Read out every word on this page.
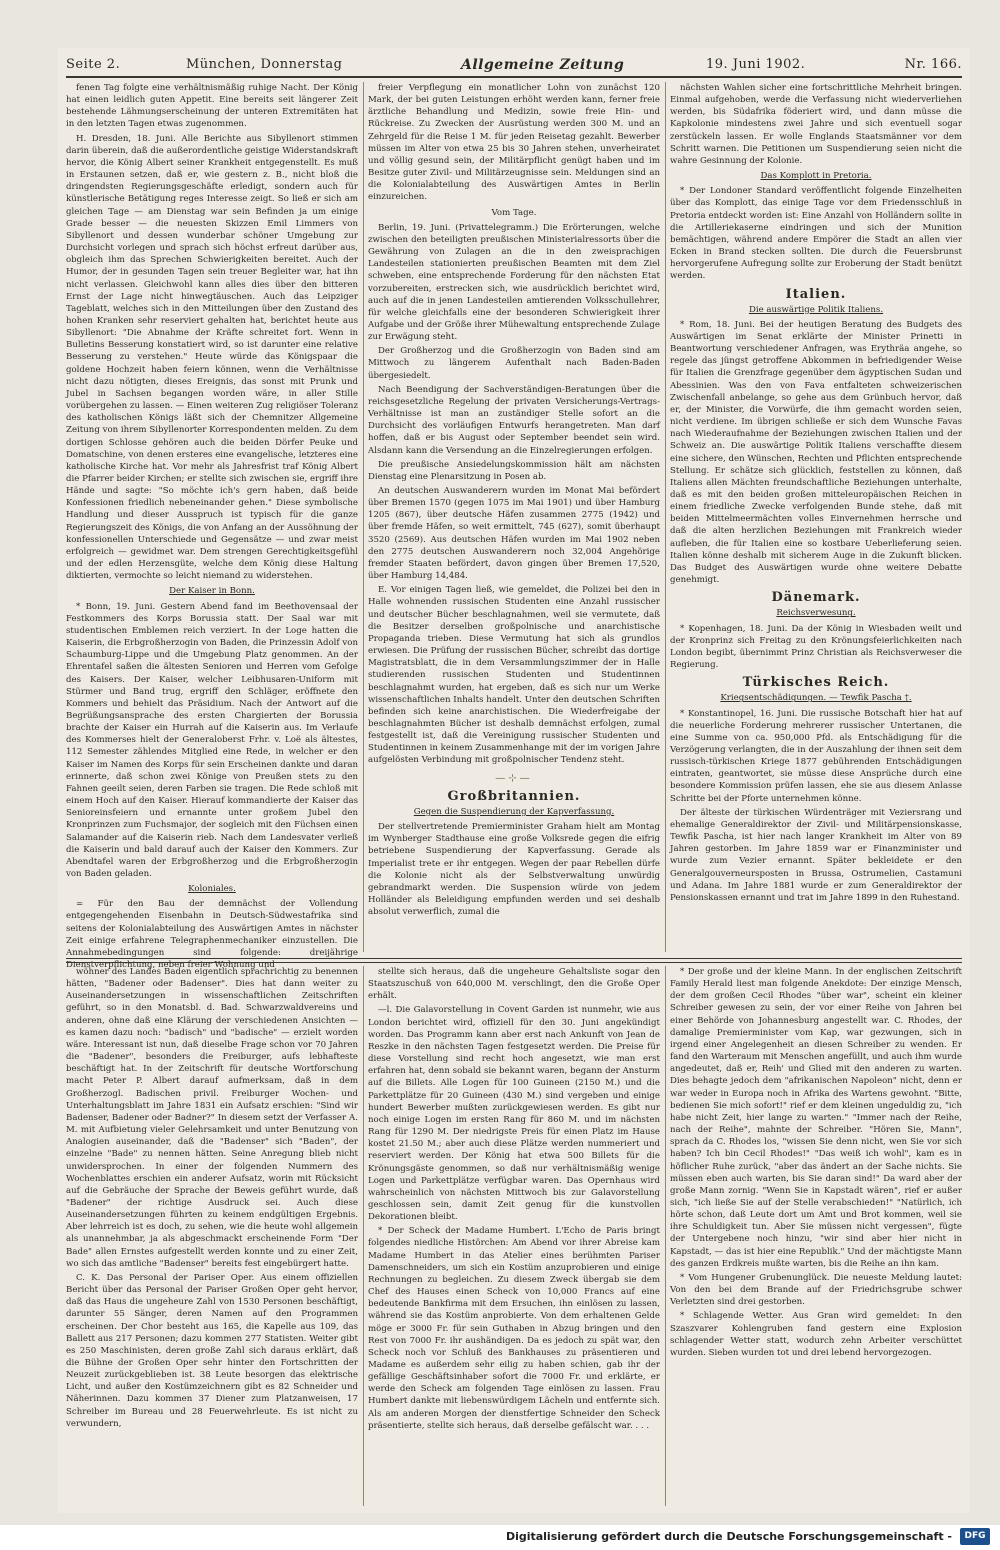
Seite 2.	München, Donnerstag	Allgemeine Zeitung	19. Juni 1902.	Nr. 166.

fenen Tag folgte eine verhältnismäßig ruhige Nacht. Der König hat einen leidlich guten Appetit. Eine bereits seit längerer Zeit bestehende Lähmungserscheinung der unteren Extremitäten hat in den letzten Tagen etwas zugenommen.

H. Dresden, 18. Juni. Alle Berichte aus Sibyllenort stimmen darin überein, daß die außerordentliche geistige Widerstandskraft hervor, die König Albert seiner Krankheit entgegenstellt. Es muß in Erstaunen setzen, daß er, wie gestern z. B., nicht bloß die dringendsten Regierungsgeschäfte erledigt, sondern auch für künstlerische Betätigung reges Interesse zeigt. So ließ er sich am gleichen Tage — am Dienstag war sein Befinden ja um einige Grade besser — die neuesten Skizzen Emil Limmers von Sibyllenort und dessen wunderbar schöner Umgebung zur Durchsicht vorlegen und sprach sich höchst erfreut darüber aus, obgleich ihm das Sprechen Schwierigkeiten bereitet. Auch der Humor, der in gesunden Tagen sein treuer Begleiter war, hat ihn nicht verlassen. Gleichwohl kann alles dies über den bitteren Ernst der Lage nicht hinwegtäuschen. Auch das Leipziger Tageblatt, welches sich in den Mitteilungen über den Zustand des hohen Kranken sehr reserviert gehalten hat, berichtet heute aus Sibyllenort: "Die Abnahme der Kräfte schreitet fort. Wenn in Bulletins Besserung konstatiert wird, so ist darunter eine relative Besserung zu verstehen." Heute würde das Königspaar die goldene Hochzeit haben feiern können, wenn die Verhältnisse nicht dazu nötigten, dieses Ereignis, das sonst mit Prunk und Jubel in Sachsen begangen worden wäre, in aller Stille vorübergehen zu lassen. — Einen weiteren Zug religiöser Toleranz des katholischen Königs läßt sich der Chemnitzer Allgemeine Zeitung von ihrem Sibyllenorter Korrespondenten melden. Zu dem dortigen Schlosse gehören auch die beiden Dörfer Peuke und Domatschine, von denen ersteres eine evangelische, letzteres eine katholische Kirche hat. Vor mehr als Jahresfrist traf König Albert die Pfarrer beider Kirchen; er stellte sich zwischen sie, ergriff ihre Hände und sagte: "So möchte ich's gern haben, daß beide Konfessionen friedlich nebeneinander gehen." Diese symbolische Handlung und dieser Ausspruch ist typisch für die ganze Regierungszeit des Königs, die von Anfang an der Aussöhnung der konfessionellen Unterschiede und Gegensätze — und zwar meist erfolgreich — gewidmet war. Dem strengen Gerechtigkeitsgefühl und der edlen Herzensgüte, welche dem König diese Haltung diktierten, vermochte so leicht niemand zu widerstehen.

Der Kaiser in Bonn.

* Bonn, 19. Juni. Gestern Abend fand im Beethovensaal der Festkommers des Korps Borussia statt. Der Saal war mit studentischen Emblemen reich verziert. In der Loge hatten die Kaiserin, die Erbgroßherzogin von Baden, die Prinzessin Adolf von Schaumburg-Lippe und die Umgebung Platz genommen. An der Ehrentafel saßen die ältesten Senioren und Herren vom Gefolge des Kaisers. Der Kaiser, welcher Leibhusaren-Uniform mit Stürmer und Band trug, ergriff den Schläger, eröffnete den Kommers und behielt das Präsidium. Nach der Antwort auf die Begrüßungsansprache des ersten Chargierten der Borussia brachte der Kaiser ein Hurrah auf die Kaiserin aus. Im Verlaufe des Kommerses hielt der Generaloberst Frhr. v. Loë als ältestes, 112 Semester zählendes Mitglied eine Rede, in welcher er den Kaiser im Namen des Korps für sein Erscheinen dankte und daran erinnerte, daß schon zwei Könige von Preußen stets zu den Fahnen geeilt seien, deren Farben sie tragen. Die Rede schloß mit einem Hoch auf den Kaiser. Hierauf kommandierte der Kaiser das Senioreinsfeiern und ernannte unter großem Jubel den Kronprinzen zum Fuchsmajor, der sogleich mit den Füchsen einen Salamander auf die Kaiserin rieb. Nach dem Landesvater verließ die Kaiserin und bald darauf auch der Kaiser den Kommers. Zur Abendtafel waren der Erbgroßherzog und die Erbgroßherzogin von Baden geladen.

Koloniales.

= Für den Bau der demnächst der Vollendung entgegengehenden Eisenbahn in Deutsch-Südwestafrika sind seitens der Kolonialabteilung des Auswärtigen Amtes in nächster Zeit einige erfahrene Telegraphenmechaniker einzustellen. Die Annahmebedingungen sind folgende: dreijährige Dienstverpflichtung, neben freier Wohnung und

freier Verpflegung ein monatlicher Lohn von zunächst 120 Mark, der bei guten Leistungen erhöht werden kann, ferner freie ärztliche Behandlung und Medizin, sowie freie Hin- und Rückreise. Zu Zwecken der Ausrüstung werden 300 M. und an Zehrgeld für die Reise 1 M. für jeden Reisetag gezahlt. Bewerber müssen im Alter von etwa 25 bis 30 Jahren stehen, unverheiratet und völlig gesund sein, der Militärpflicht genügt haben und im Besitze guter Zivil- und Militärzeugnisse sein. Meldungen sind an die Kolonialabteilung des Auswärtigen Amtes in Berlin einzureichen.

Vom Tage.

Berlin, 19. Juni. (Privattelegramm.) Die Erörterungen, welche zwischen den beteiligten preußischen Ministerialressorts über die Gewährung von Zulagen an die in den zweisprachigen Landesteilen stationierten preußischen Beamten mit dem Ziel schweben, eine entsprechende Forderung für den nächsten Etat vorzubereiten, erstrecken sich, wie ausdrücklich berichtet wird, auch auf die in jenen Landesteilen amtierenden Volksschullehrer, für welche gleichfalls eine der besonderen Schwierigkeit ihrer Aufgabe und der Größe ihrer Mühewaltung entsprechende Zulage zur Erwägung steht.

Der Großherzog und die Großherzogin von Baden sind am Mittwoch zu längerem Aufenthalt nach Baden-Baden übergesiedelt.

Nach Beendigung der Sachverständigen-Beratungen über die reichsgesetzliche Regelung der privaten Versicherungs-Vertrags-Verhältnisse ist man an zuständiger Stelle sofort an die Durchsicht des vorläufigen Entwurfs herangetreten. Man darf hoffen, daß er bis August oder September beendet sein wird. Alsdann kann die Versendung an die Einzelregierungen erfolgen.

Die preußische Ansiedelungskommission hält am nächsten Dienstag eine Plenarsitzung in Posen ab.

An deutschen Auswanderern wurden im Monat Mai befördert über Bremen 1570 (gegen 1075 im Mai 1901) und über Hamburg 1205 (867), über deutsche Häfen zusammen 2775 (1942) und über fremde Häfen, so weit ermittelt, 745 (627), somit überhaupt 3520 (2569). Aus deutschen Häfen wurden im Mai 1902 neben den 2775 deutschen Auswanderern noch 32,004 Angehörige fremder Staaten befördert, davon gingen über Bremen 17,520, über Hamburg 14,484.

E. Vor einigen Tagen ließ, wie gemeldet, die Polizei bei den in Halle wohnenden russischen Studenten eine Anzahl russischer und deutscher Bücher beschlagnahmen, weil sie vermutete, daß die Besitzer derselben großpolnische und anarchistische Propaganda trieben. Diese Vermutung hat sich als grundlos erwiesen. Die Prüfung der russischen Bücher, schreibt das dortige Magistratsblatt, die in dem Versammlungszimmer der in Halle studierenden russischen Studenten und Studentinnen beschlagnahmt wurden, hat ergeben, daß es sich nur um Werke wissenschaftlichen Inhalts handelt. Unter den deutschen Schriften befinden sich keine anarchistischen. Die Wiederfreigabe der beschlagnahmten Bücher ist deshalb demnächst erfolgen, zumal festgestellt ist, daß die Vereinigung russischer Studenten und Studentinnen in keinem Zusammenhange mit der im vorigen Jahre aufgelösten Verbindung mit großpolnischer Tendenz steht.

—⊹—
Großbritannien.
Gegen die Suspendierung der Kapverfassung.

Der stellvertretende Premierminister Graham hielt am Montag im Wynberger Stadthause eine große Volksrede gegen die eifrig betriebene Suspendierung der Kapverfassung. Gerade als Imperialist trete er ihr entgegen. Wegen der paar Rebellen dürfe die Kolonie nicht als der Selbstverwaltung unwürdig gebrandmarkt werden. Die Suspension würde von jedem Holländer als Beleidigung empfunden werden und sei deshalb absolut verwerflich, zumal die

nächsten Wahlen sicher eine fortschrittliche Mehrheit bringen. Einmal aufgehoben, werde die Verfassung nicht wiederverliehen werden, bis Südafrika föderiert wird, und dann müsse die Kapkolonie mindestens zwei Jahre und sich eventuell sogar zerstückeln lassen. Er wolle Englands Staatsmänner vor dem Schritt warnen. Die Petitionen um Suspendierung seien nicht die wahre Gesinnung der Kolonie.

Das Komplott in Pretoria.

* Der Londoner Standard veröffentlicht folgende Einzelheiten über das Komplott, das einige Tage vor dem Friedensschluß in Pretoria entdeckt worden ist: Eine Anzahl von Holländern sollte in die Artilleriekaserne eindringen und sich der Munition bemächtigen, während andere Empörer die Stadt an allen vier Ecken in Brand stecken sollten. Die durch die Feuersbrunst hervorgerufene Aufregung sollte zur Eroberung der Stadt benützt werden.

Italien.
Die auswärtige Politik Italiens.

* Rom, 18. Juni. Bei der heutigen Beratung des Budgets des Auswärtigen im Senat erklärte der Minister Prinetti in Beantwortung verschiedener Anfragen, was Erythräa angehe, so regele das jüngst getroffene Abkommen in befriedigender Weise für Italien die Grenzfrage gegenüber dem ägyptischen Sudan und Abessinien. Was den von Fava entfalteten schweizerischen Zwischenfall anbelange, so gehe aus dem Grünbuch hervor, daß er, der Minister, die Vorwürfe, die ihm gemacht worden seien, nicht verdiene. Im übrigen schließe er sich dem Wunsche Favas nach Wiederaufnahme der Beziehungen zwischen Italien und der Schweiz an. Die auswärtige Politik Italiens verschaffte diesem eine sichere, den Wünschen, Rechten und Pflichten entsprechende Stellung. Er schätze sich glücklich, feststellen zu können, daß Italiens allen Mächten freundschaftliche Beziehungen unterhalte, daß es mit den beiden großen mitteleuropäischen Reichen in einem friedliche Zwecke verfolgenden Bunde stehe, daß mit beiden Mittelmeermächten volles Einvernehmen herrsche und daß die alten herzlichen Beziehungen mit Frankreich wieder aufleben, die für Italien eine so kostbare Ueberlieferung seien. Italien könne deshalb mit sicherem Auge in die Zukunft blicken. Das Budget des Auswärtigen wurde ohne weitere Debatte genehmigt.

Dänemark.
Reichsverwesung.

* Kopenhagen, 18. Juni. Da der König in Wiesbaden weilt und der Kronprinz sich Freitag zu den Krönungsfeierlichkeiten nach London begibt, übernimmt Prinz Christian als Reichsverweser die Regierung.

Türkisches Reich.
Kriegsentschädigungen. — Tewfik Pascha †.

* Konstantinopel, 16. Juni. Die russische Botschaft hier hat auf die neuerliche Forderung mehrerer russischer Untertanen, die eine Summe von ca. 950,000 Pfd. als Entschädigung für die Verzögerung verlangten, die in der Auszahlung der ihnen seit dem russisch-türkischen Kriege 1877 gebührenden Entschädigungen eintraten, geantwortet, sie müsse diese Ansprüche durch eine besondere Kommission prüfen lassen, ehe sie aus diesem Anlasse Schritte bei der Pforte unternehmen könne.

Der älteste der türkischen Würdenträger mit Veziersrang und ehemalige Generaldirektor der Zivil- und Militärpensionskasse, Tewfik Pascha, ist hier nach langer Krankheit im Alter von 89 Jahren gestorben. Im Jahre 1859 war er Finanzminister und wurde zum Vezier ernannt. Später bekleidete er den Generalgouverneursposten in Brussa, Ostrumelien, Castamuni und Adana. Im Jahre 1881 wurde er zum Generaldirektor der Pensionskassen ernannt und trat im Jahre 1899 in den Ruhestand.

wöhner des Landes Baden eigentlich sprachrichtig zu benennen hätten, "Badener oder Badenser". Dies hat dann weiter zu Auseinandersetzungen in wissenschaftlichen Zeitschriften geführt, so in den Monatsbl. d. Bad. Schwarzwaldvereins und anderen, ohne daß eine Klärung der verschiedenen Ansichten — es kamen dazu noch: "badisch" und "badische" — erzielt worden wäre. Interessant ist nun, daß dieselbe Frage schon vor 70 Jahren die "Badener", besonders die Freiburger, aufs lebhafteste beschäftigt hat. In der Zeitschrift für deutsche Wortforschung macht Peter P. Albert darauf aufmerksam, daß in dem Großherzogl. Badischen privil. Freiburger Wochen- und Unterhaltungsblatt im Jahre 1831 ein Aufsatz erschien: "Sind wir Badenser, Badener oder Badner?" In diesem setzt der Verfasser A. M. mit Aufbietung vieler Gelehrsamkeit und unter Benutzung von Analogien auseinander, daß die "Badenser" sich "Baden", der einzelne "Bade" zu nennen hätten. Seine Anregung blieb nicht unwidersprochen. In einer der folgenden Nummern des Wochenblattes erschien ein anderer Aufsatz, worin mit Rücksicht auf die Gebräuche der Sprache der Beweis geführt wurde, daß "Badener" der richtige Ausdruck sei. Auch diese Auseinandersetzungen führten zu keinem endgültigen Ergebnis. Aber lehrreich ist es doch, zu sehen, wie die heute wohl allgemein als unannehmbar, ja als abgeschmackt erscheinende Form "Der Bade" allen Ernstes aufgestellt werden konnte und zu einer Zeit, wo sich das amtliche "Badenser" bereits fest eingebürgert hatte.

C. K. Das Personal der Pariser Oper. Aus einem offiziellen Bericht über das Personal der Pariser Großen Oper geht hervor, daß das Haus die ungeheure Zahl von 1530 Personen beschäftigt, darunter 55 Sänger, deren Namen auf den Programmen erscheinen. Der Chor besteht aus 165, die Kapelle aus 109, das Ballett aus 217 Personen; dazu kommen 277 Statisten. Weiter gibt es 250 Maschinisten, deren große Zahl sich daraus erklärt, daß die Bühne der Großen Oper sehr hinter den Fortschritten der Neuzeit zurückgeblieben ist. 38 Leute besorgen das elektrische Licht, und außer den Kostümzeichnern gibt es 82 Schneider und Näherinnen. Dazu kommen 37 Diener zum Platzanweisen, 17 Schreiber im Bureau und 28 Feuerwehrleute. Es ist nicht zu verwundern,

stellte sich heraus, daß die ungeheure Gehaltsliste sogar den Staatszuschuß von 640,000 M. verschlingt, den die Große Oper erhält.

—l. Die Galavorstellung in Covent Garden ist nunmehr, wie aus London berichtet wird, offiziell für den 30. Juni angekündigt worden. Das Programm kann aber erst nach Ankunft von Jean de Reszke in den nächsten Tagen festgesetzt werden. Die Preise für diese Vorstellung sind recht hoch angesetzt, wie man erst erfahren hat, denn sobald sie bekannt waren, begann der Ansturm auf die Billets. Alle Logen für 100 Guineen (2150 M.) und die Parkettplätze für 20 Guineen (430 M.) sind vergeben und einige hundert Bewerber mußten zurückgewiesen werden. Es gibt nur noch einige Logen im ersten Rang für 860 M. und im nächsten Rang für 1290 M. Der niedrigste Preis für einen Platz im Hause kostet 21.50 M.; aber auch diese Plätze werden nummeriert und reserviert werden. Der König hat etwa 500 Billets für die Krönungsgäste genommen, so daß nur verhältnismäßig wenige Logen und Parkettplätze verfügbar waren. Das Opernhaus wird wahrscheinlich von nächsten Mittwoch bis zur Galavorstellung geschlossen sein, damit Zeit genug für die kunstvollen Dekorationen bleibt.

* Der Scheck der Madame Humbert. L'Echo de Paris bringt folgendes niedliche Histörchen: Am Abend vor ihrer Abreise kam Madame Humbert in das Atelier eines berühmten Pariser Damenschneiders, um sich ein Kostüm anzuprobieren und einige Rechnungen zu begleichen. Zu diesem Zweck übergab sie dem Chef des Hauses einen Scheck von 10,000 Francs auf eine bedeutende Bankfirma mit dem Ersuchen, ihn einlösen zu lassen, während sie das Kostüm anprobierte. Von dem erhaltenen Gelde möge er 3000 Fr. für sein Guthaben in Abzug bringen und den Rest von 7000 Fr. ihr aushändigen. Da es jedoch zu spät war, den Scheck noch vor Schluß des Bankhauses zu präsentieren und Madame es außerdem sehr eilig zu haben schien, gab ihr der gefällige Geschäftsinhaber sofort die 7000 Fr. und erklärte, er werde den Scheck am folgenden Tage einlösen zu lassen. Frau Humbert dankte mit liebenswürdigem Lächeln und entfernte sich. Als am anderen Morgen der dienstfertige Schneider den Scheck präsentierte, stellte sich heraus, daß derselbe gefälscht war. . . .

* Der große und der kleine Mann. In der englischen Zeitschrift Family Herald liest man folgende Anekdote: Der einzige Mensch, der dem großen Cecil Rhodes "über war", scheint ein kleiner Schreiber gewesen zu sein, der vor einer Reihe von Jahren bei einer Behörde von Johannesburg angestellt war. C. Rhodes, der damalige Premierminister vom Kap, war gezwungen, sich in irgend einer Angelegenheit an diesen Schreiber zu wenden. Er fand den Warteraum mit Menschen angefüllt, und auch ihm wurde angedeutet, daß er, Reih' und Glied mit den anderen zu warten. Dies behagte jedoch dem "afrikanischen Napoleon" nicht, denn er war weder in Europa noch in Afrika des Wartens gewohnt. "Bitte, bedienen Sie mich sofort!" rief er dem kleinen ungeduldig zu, "ich habe nicht Zeit, hier lange zu warten." "Immer nach der Reihe, nach der Reihe", mahnte der Schreiber. "Hören Sie, Mann", sprach da C. Rhodes los, "wissen Sie denn nicht, wen Sie vor sich haben? Ich bin Cecil Rhodes!" "Das weiß ich wohl", kam es in höflicher Ruhe zurück, "aber das ändert an der Sache nichts. Sie müssen eben auch warten, bis Sie daran sind!" Da ward aber der große Mann zornig. "Wenn Sie in Kapstadt wären", rief er außer sich, "ich ließe Sie auf der Stelle verabschieden!" "Natürlich, ich hörte schon, daß Leute dort um Amt und Brot kommen, weil sie ihre Schuldigkeit tun. Aber Sie müssen nicht vergessen", fügte der Untergebene noch hinzu, "wir sind aber hier nicht in Kapstadt, — das ist hier eine Republik." Und der mächtigste Mann des ganzen Erdkreis mußte warten, bis die Reihe an ihn kam.

* Vom Hungener Grubenunglück. Die neueste Meldung lautet: Von den bei dem Brande auf der Friedrichsgrube schwer Verletzten sind drei gestorben.

* Schlagende Wetter. Aus Gran wird gemeldet: In den Szaszvarer Kohlengruben fand gestern eine Explosion schlagender Wetter statt, wodurch zehn Arbeiter verschüttet wurden. Sieben wurden tot und drei lebend hervorgezogen.

Digitalisierung gefördert durch die Deutsche Forschungsgemeinschaft -	DFG
